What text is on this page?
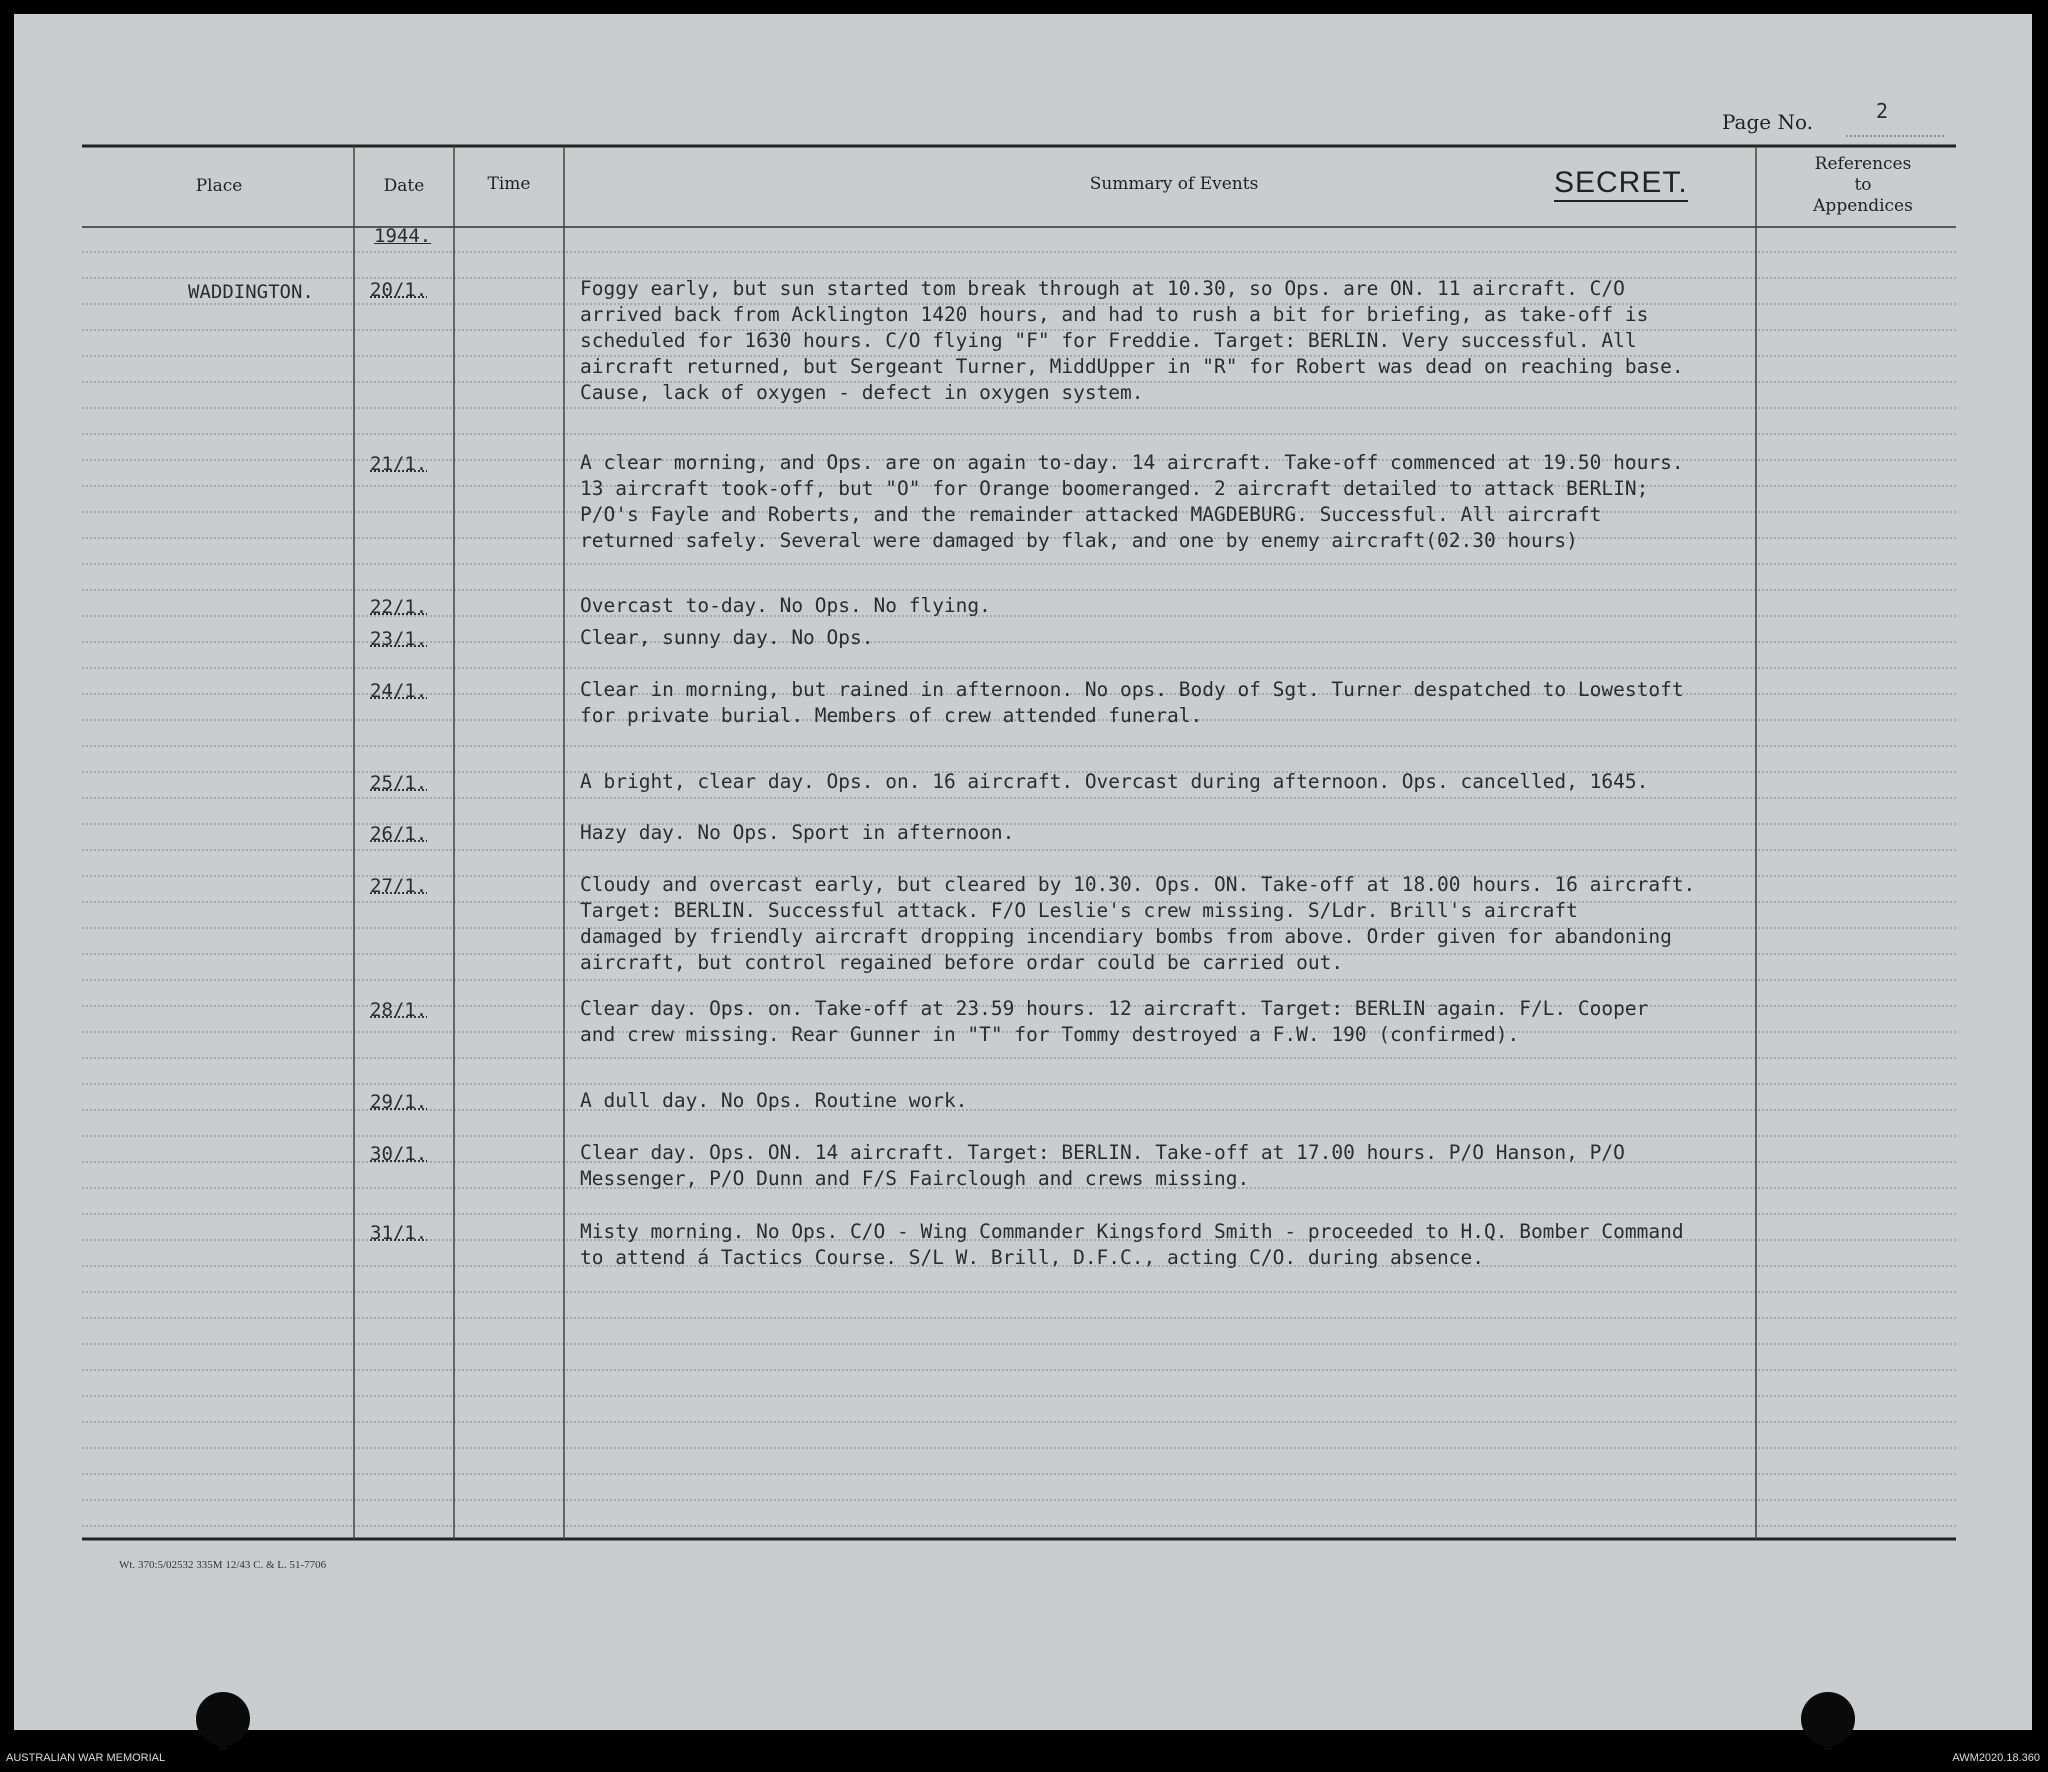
Page No.	2
Place	Date	Time	Summary of Events
References
to
Appendices
SECRET.
1944.
WADDINGTON.	20/1.	Foggy early, but sun started tom break through at 10.30, so Ops. are ON. 11 aircraft. C/O
arrived back from Acklington 1420 hours, and had to rush a bit for briefing, as take-off is
scheduled for 1630 hours. C/O flying "F" for Freddie. Target: BERLIN. Very successful. All
aircraft returned, but Sergeant Turner, MiddUpper in "R" for Robert was dead on reaching base.
Cause, lack of oxygen - defect in oxygen system.
21/1.	A clear morning, and Ops. are on again to-day. 14 aircraft. Take-off commenced at 19.50 hours.
13 aircraft took-off, but "O" for Orange boomeranged. 2 aircraft detailed to attack BERLIN;
P/O's Fayle and Roberts, and the remainder attacked MAGDEBURG. Successful. All aircraft
returned safely. Several were damaged by flak, and one by enemy aircraft(02.30 hours)
22/1.	Overcast to-day. No Ops. No flying.
23/1.	Clear, sunny day. No Ops.
24/1.	Clear in morning, but rained in afternoon. No ops. Body of Sgt. Turner despatched to Lowestoft
for private burial. Members of crew attended funeral.
25/1.	A bright, clear day. Ops. on. 16 aircraft. Overcast during afternoon. Ops. cancelled, 1645.
26/1.	Hazy day. No Ops. Sport in afternoon.
27/1.	Cloudy and overcast early, but cleared by 10.30. Ops. ON. Take-off at 18.00 hours. 16 aircraft.
Target: BERLIN. Successful attack. F/O Leslie's crew missing. S/Ldr. Brill's aircraft
damaged by friendly aircraft dropping incendiary bombs from above. Order given for abandoning
aircraft, but control regained before ordar could be carried out.
28/1.	Clear day. Ops. on. Take-off at 23.59 hours. 12 aircraft. Target: BERLIN again. F/L. Cooper
and crew missing. Rear Gunner in "T" for Tommy destroyed a F.W. 190 (confirmed).
29/1.	A dull day. No Ops. Routine work.
30/1.	Clear day. Ops. ON. 14 aircraft. Target: BERLIN. Take-off at 17.00 hours. P/O Hanson, P/O
Messenger, P/O Dunn and F/S Fairclough and crews missing.
31/1.	Misty morning. No Ops. C/O - Wing Commander Kingsford Smith - proceeded to H.Q. Bomber Command
to attend á Tactics Course. S/L W. Brill, D.F.C., acting C/O. during absence.
Wt. 370:5/02532 335M 12/43 C. & L. 51-7706
AUSTRALIAN WAR MEMORIAL	AWM2020.18.360
